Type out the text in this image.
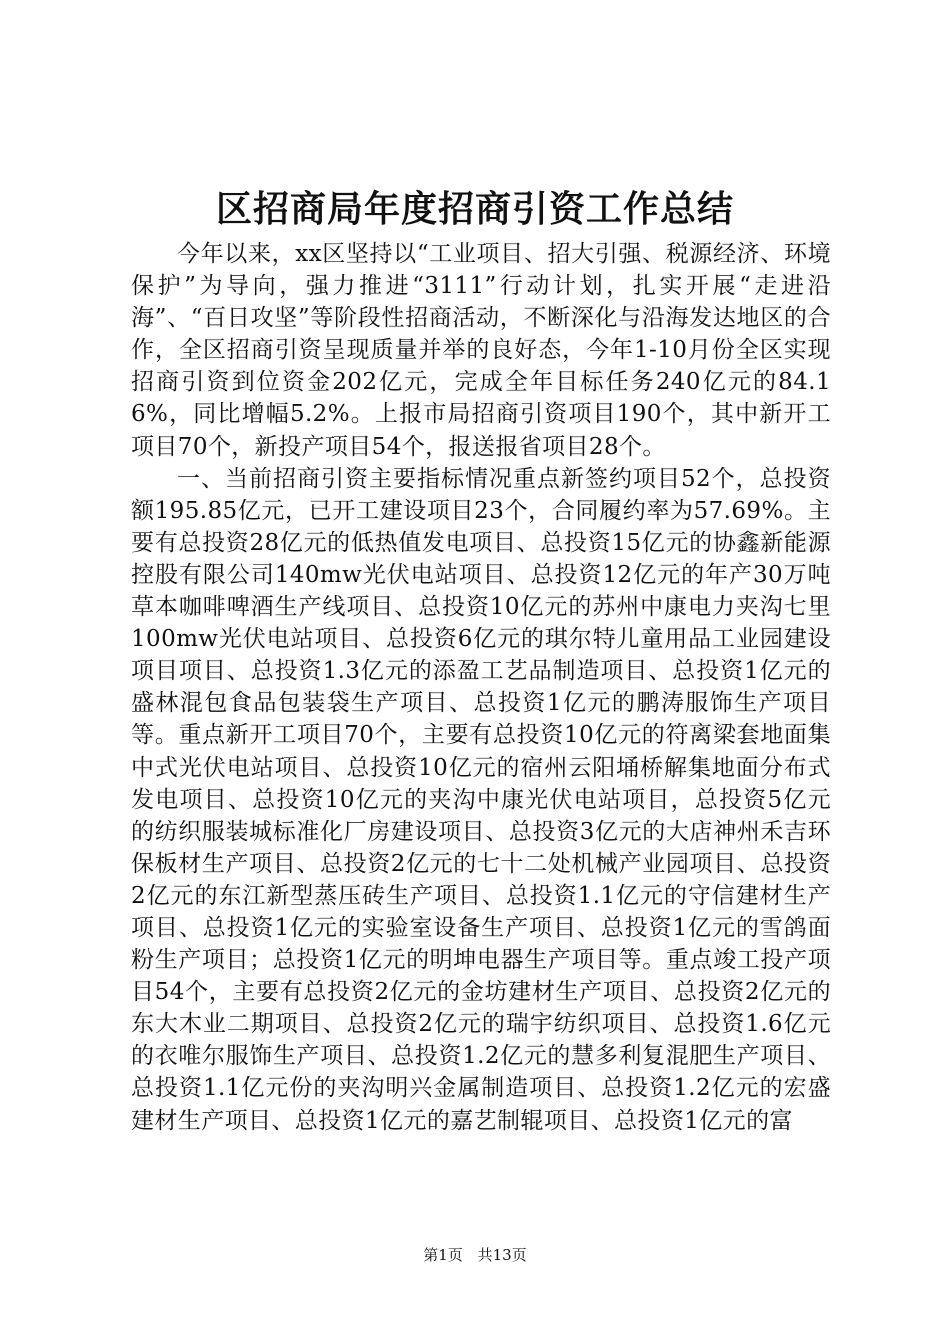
区招商局年度招商引资工作总结

今年以来，xx区坚持以“工业项目、招大引强、税源经济、环境保护”为导向，强力推进“3111”行动计划，扎实开展“走进沿海”、“百日攻坚”等阶段性招商活动，不断深化与沿海发达地区的合作，全区招商引资呈现质量并举的良好态，今年1-10月份全区实现招商引资到位资金202亿元，完成全年目标任务240亿元的84.16%，同比增幅5.2%。上报市局招商引资项目190个，其中新开工项目70个，新投产项目54个，报送报省项目28个。

一、当前招商引资主要指标情况重点新签约项目52个，总投资额195.85亿元，已开工建设项目23个，合同履约率为57.69%。主要有总投资28亿元的低热值发电项目、总投资15亿元的协鑫新能源控股有限公司140mw光伏电站项目、总投资12亿元的年产30万吨草本咖啡啤酒生产线项目、总投资10亿元的苏州中康电力夹沟七里100mw光伏电站项目、总投资6亿元的琪尔特儿童用品工业园建设项目项目、总投资1.3亿元的添盈工艺品制造项目、总投资1亿元的盛林混包食品包装袋生产项目、总投资1亿元的鹏涛服饰生产项目等。重点新开工项目70个，主要有总投资10亿元的符离梁套地面集中式光伏电站项目、总投资10亿元的宿州云阳埇桥解集地面分布式发电项目、总投资10亿元的夹沟中康光伏电站项目，总投资5亿元的纺织服装城标准化厂房建设项目、总投资3亿元的大店神州禾吉环保板材生产项目、总投资2亿元的七十二处机械产业园项目、总投资2亿元的东江新型蒸压砖生产项目、总投资1.1亿元的守信建材生产项目、总投资1亿元的实验室设备生产项目、总投资1亿元的雪鸽面粉生产项目；总投资1亿元的明坤电器生产项目等。重点竣工投产项目54个，主要有总投资2亿元的金坊建材生产项目、总投资2亿元的东大木业二期项目、总投资2亿元的瑞宇纺织项目、总投资1.6亿元的衣唯尔服饰生产项目、总投资1.2亿元的慧多利复混肥生产项目、总投资1.1亿元份的夹沟明兴金属制造项目、总投资1.2亿元的宏盛建材生产项目、总投资1亿元的嘉艺制辊项目、总投资1亿元的富

第1页 共13页
